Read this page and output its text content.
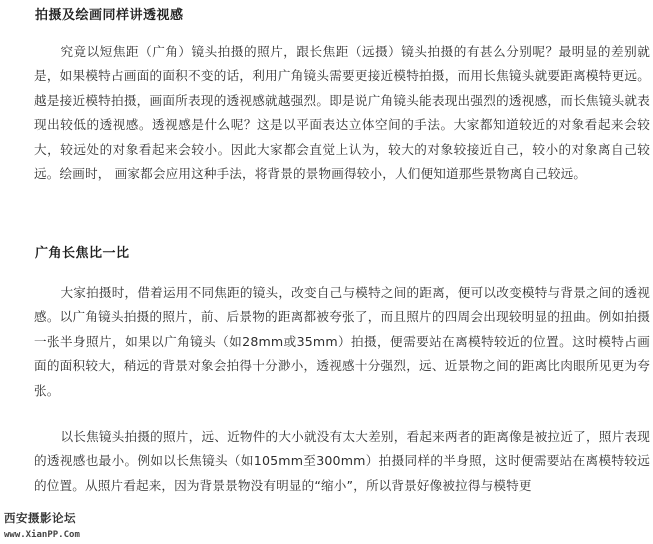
拍摄及绘画同样讲透视感

究竟以短焦距（广角）镜头拍摄的照片，跟长焦距（远摄）镜头拍摄的有甚么分别呢？最明显的差别就是，如果模特占画面的面积不变的话，利用广角镜头需要更接近模特拍摄，而用长焦镜头就要距离模特更远。越是接近模特拍摄，画面所表现的透视感就越强烈。即是说广角镜头能表现出强烈的透视感，而长焦镜头就表现出较低的透视感。透视感是什么呢？这是以平面表达立体空间的手法。大家都知道较近的对象看起来会较大，较远处的对象看起来会较小。因此大家都会直觉上认为，较大的对象较接近自己，较小的对象离自己较远。绘画时， 画家都会应用这种手法，将背景的景物画得较小，人们便知道那些景物离自己较远。

广角长焦比一比

大家拍摄时，借着运用不同焦距的镜头，改变自己与模特之间的距离，便可以改变模特与背景之间的透视感。以广角镜头拍摄的照片，前、后景物的距离都被夸张了，而且照片的四周会出现较明显的扭曲。例如拍摄一张半身照片，如果以广角镜头（如28mm或35mm）拍摄，便需要站在离模特较近的位置。这时模特占画面的面积较大，稍远的背景对象会拍得十分渺小，透视感十分强烈，远、近景物之间的距离比肉眼所见更为夸张。

以长焦镜头拍摄的照片，远、近物件的大小就没有太大差别，看起来两者的距离像是被拉近了，照片表现的透视感也最小。例如以长焦镜头（如105mm至300mm）拍摄同样的半身照，这时便需要站在离模特较远的位置。从照片看起来，因为背景景物没有明显的“缩小”，所以背景好像被拉得与模特更

西安摄影论坛
www.XianPP.Com
